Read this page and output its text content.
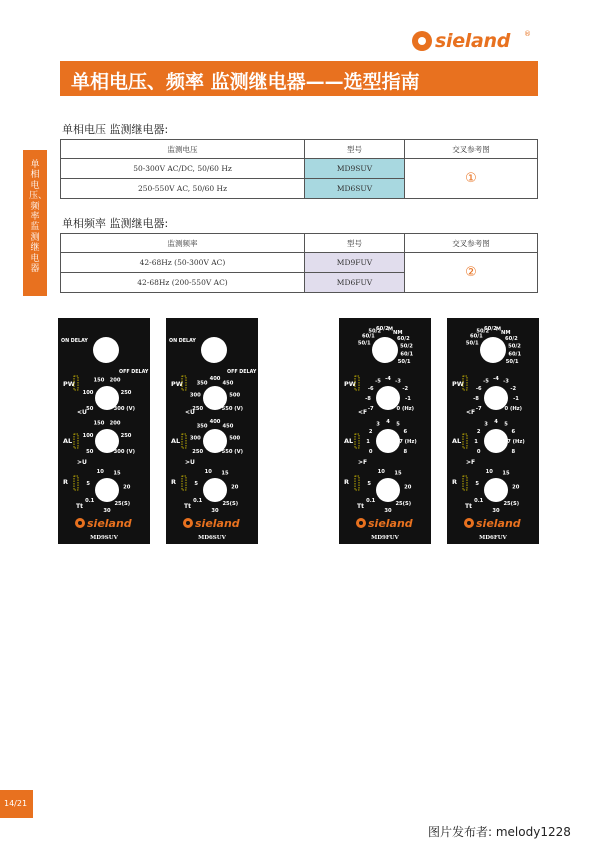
sieland ®
单相电压、频率 监测继电器——选型指南
单相电压、频率 监测继电器
单相电压 监测继电器:
监测电压	型号	交叉参考图
50-300V AC/DC, 50/60 Hz	MD9SUV	①
250-550V AC, 50/60 Hz	MD6SUV	
单相频率 监测继电器:
监测频率	型号	交叉参考图
42-68Hz (50-300V AC)	MD9FUV	②
42-68Hz (200-550V AC)	MD6FUV	
ON DELAY
OFF DELAY
50
100
150 200
250
300 (V)
PW
<U
50
100
150 200
250
300 (V)
AL
>U
0.1
5
10 15
20
25(S)
30
R
Tt
sieland
MD9SUV
ON DELAY
OFF DELAY
250
300
350
400
450
500
550 (V)
PW
<U
250
300
350
400
450
500
550 (V)
AL
>U
0.1
5
10 15
20
25(S)
30
R
Tt
sieland
MD6SUV
50/1
60/1
50/2
60/2 M
NM
60/2
50/2
60/1
50/1
-7
-8
-6
-5 -4 -3
-2
-1
0 (Hz)
PW
<F
0
1
2
3 4 5
6
7 (Hz)
8
AL
>F
0.1
5
10 15
20
25(S)
30
R
Tt
sieland
MD9FUV
50/1
60/1
50/2
60/2 M
NM
60/2
50/2
60/1
50/1
-7
-8
-6
-5 -4 -3
-2
-1
0 (Hz)
PW
<F
0
1
2
3 4 5
6
7 (Hz)
8
AL
>F
0.1
5
10 15
20
25(S)
30
R
Tt
sieland
MD6FUV
14/21
图片发布者: melody1228
